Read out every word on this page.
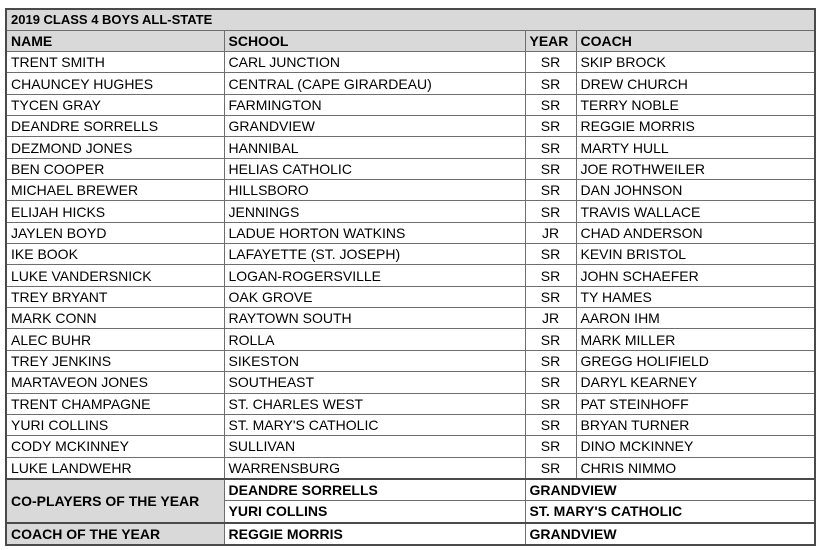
2019 CLASS 4 BOYS ALL-STATE			
NAME	SCHOOL	YEAR	COACH
TRENT SMITH	CARL JUNCTION	SR	SKIP BROCK
CHAUNCEY HUGHES	CENTRAL (CAPE GIRARDEAU)	SR	DREW CHURCH
TYCEN GRAY	FARMINGTON	SR	TERRY NOBLE
DEANDRE SORRELLS	GRANDVIEW	SR	REGGIE MORRIS
DEZMOND JONES	HANNIBAL	SR	MARTY HULL
BEN COOPER	HELIAS CATHOLIC	SR	JOE ROTHWEILER
MICHAEL BREWER	HILLSBORO	SR	DAN JOHNSON
ELIJAH HICKS	JENNINGS	SR	TRAVIS WALLACE
JAYLEN BOYD	LADUE HORTON WATKINS	JR	CHAD ANDERSON
IKE BOOK	LAFAYETTE (ST. JOSEPH)	SR	KEVIN BRISTOL
LUKE VANDERSNICK	LOGAN-ROGERSVILLE	SR	JOHN SCHAEFER
TREY BRYANT	OAK GROVE	SR	TY HAMES
MARK CONN	RAYTOWN SOUTH	JR	AARON IHM
ALEC BUHR	ROLLA	SR	MARK MILLER
TREY JENKINS	SIKESTON	SR	GREGG HOLIFIELD
MARTAVEON JONES	SOUTHEAST	SR	DARYL KEARNEY
TRENT CHAMPAGNE	ST. CHARLES WEST	SR	PAT STEINHOFF
YURI COLLINS	ST. MARY'S CATHOLIC	SR	BRYAN TURNER
CODY MCKINNEY	SULLIVAN	SR	DINO MCKINNEY
LUKE LANDWEHR	WARRENSBURG	SR	CHRIS NIMMO
CO-PLAYERS OF THE YEAR	DEANDRE SORRELLS	GRANDVIEW	
	YURI COLLINS	ST. MARY'S CATHOLIC	
COACH OF THE YEAR	REGGIE MORRIS	GRANDVIEW	
